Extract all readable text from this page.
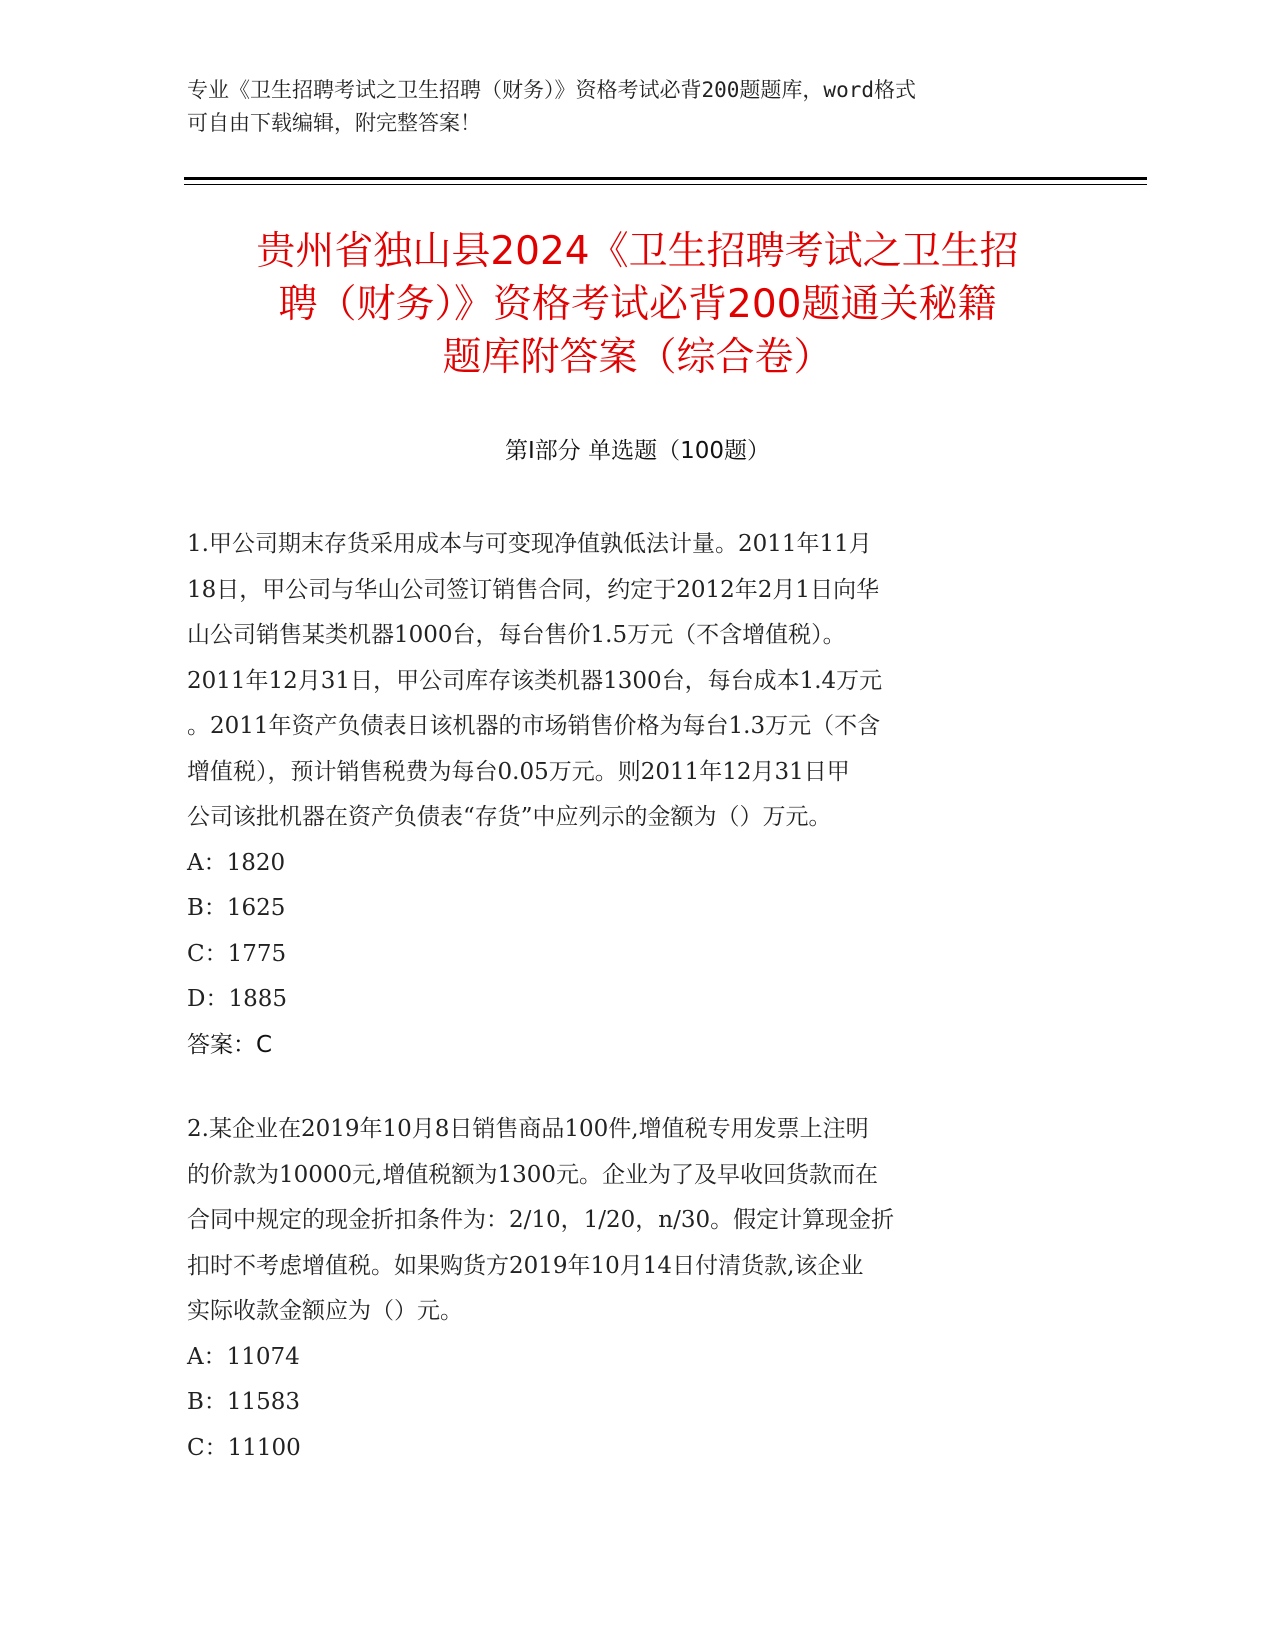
专业《卫生招聘考试之卫生招聘（财务）》资格考试必背200题题库，word格式
可自由下载编辑，附完整答案！
贵州省独山县2024《卫生招聘考试之卫生招
聘（财务）》资格考试必背200题通关秘籍
题库附答案（综合卷）
第Ⅰ部分 单选题（100题）
1.甲公司期末存货采用成本与可变现净值孰低法计量。2011年11月
18日，甲公司与华山公司签订销售合同，约定于2012年2月1日向华
山公司销售某类机器1000台，每台售价1.5万元（不含增值税）。
2011年12月31日，甲公司库存该类机器1300台，每台成本1.4万元
。2011年资产负债表日该机器的市场销售价格为每台1.3万元（不含
增值税），预计销售税费为每台0.05万元。则2011年12月31日甲
公司该批机器在资产负债表“存货”中应列示的金额为（）万元。
A：1820
B：1625
C：1775
D：1885
答案：C
2.某企业在2019年10月8日销售商品100件,增值税专用发票上注明
的价款为10000元,增值税额为1300元。企业为了及早收回货款而在
合同中规定的现金折扣条件为：2/10，1/20，n/30。假定计算现金折
扣时不考虑增值税。如果购货方2019年10月14日付清货款,该企业
实际收款金额应为（）元。
A：11074
B：11583
C：11100
